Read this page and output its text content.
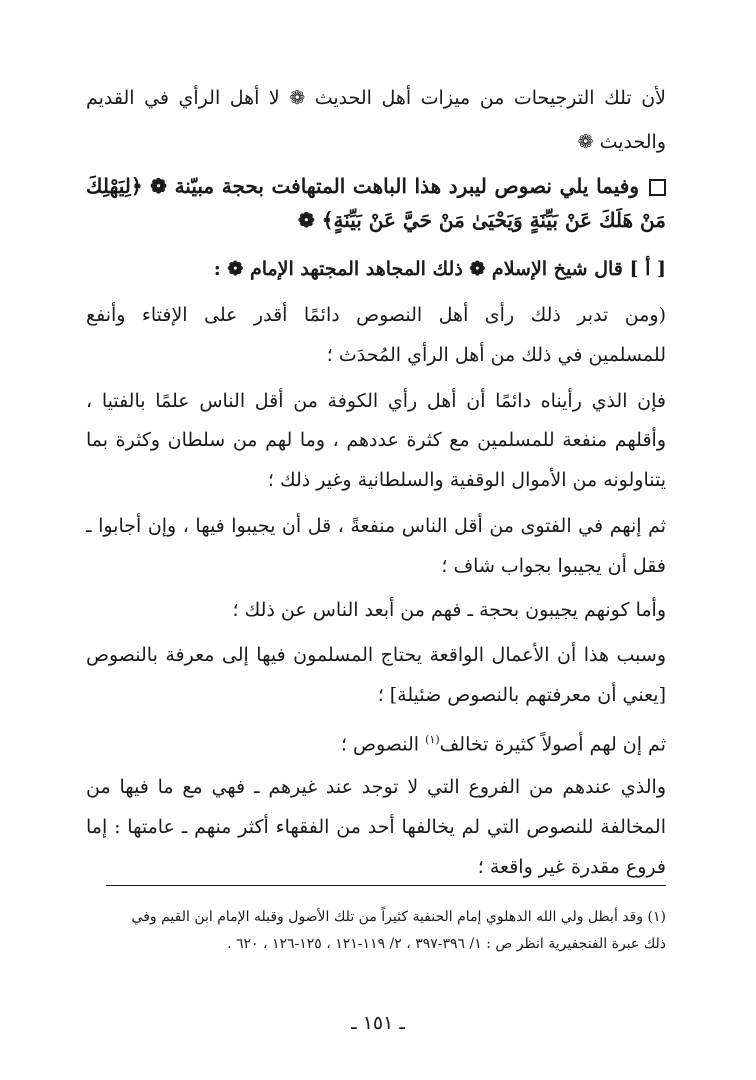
لأن تلك الترجيحات من ميزات أهل الحديث ❁ لا أهل الرأي في القديم
والحديث ❁
وفيما يلي نصوص ليبرد هذا الباهت المتهافت بحجة مبيّنة ❁ ﴿لِيَهْلِكَ
مَنْ هَلَكَ عَنْ بَيِّنَةٍ وَيَحْيَىٰ مَنْ حَيَّ عَنْ بَيِّنَةٍ﴾ ❁
[ أ ] قال شيخ الإسلام ❁ ذلك المجاهد المجتهد الإمام ❁ :
(ومن تدبر ذلك رأى أهل النصوص دائمًا أقدر على الإفتاء وأنفع
للمسلمين في ذلك من أهل الرأي المُحدَث ؛
فإن الذي رأيناه دائمًا أن أهل رأي الكوفة من أقل الناس علمًا بالفتيا ،
وأقلهم منفعة للمسلمين مع كثرة عددهم ، وما لهم من سلطان وكثرة بما
يتناولونه من الأموال الوقفية والسلطانية وغير ذلك ؛
ثم إنهم في الفتوى من أقل الناس منفعةً ، قل أن يجيبوا فيها ، وإن أجابوا ـ
فقل أن يجيبوا بجواب شاف ؛
وأما كونهم يجيبون بحجة ـ فهم من أبعد الناس عن ذلك ؛
وسبب هذا أن الأعمال الواقعة يحتاج المسلمون فيها إلى معرفة بالنصوص
[يعني أن معرفتهم بالنصوص ضئيلة] ؛
ثم إن لهم أصولاً كثيرة تخالف$^{(١)}$ النصوص ؛
والذي عندهم من الفروع التي لا توجد عند غيرهم ـ فهي مع ما فيها من
المخالفة للنصوص التي لم يخالفها أحد من الفقهاء أكثر منهم ـ عامتها : إما
فروع مقدرة غير واقعة ؛
(١) وقد أبطل ولي الله الدهلوي إمام الحنفية كثيراً من تلك الأصول وقبله الإمام ابن القيم وفي
ذلك عبرة الفنجفيرية انظر ص : ١/ ٣٩٦-٣٩٧ ، ٢/ ١١٩-١٢١ ، ١٢٥-١٢٦ ، ٦٢٠ .
ـ ١٥١ ـ
